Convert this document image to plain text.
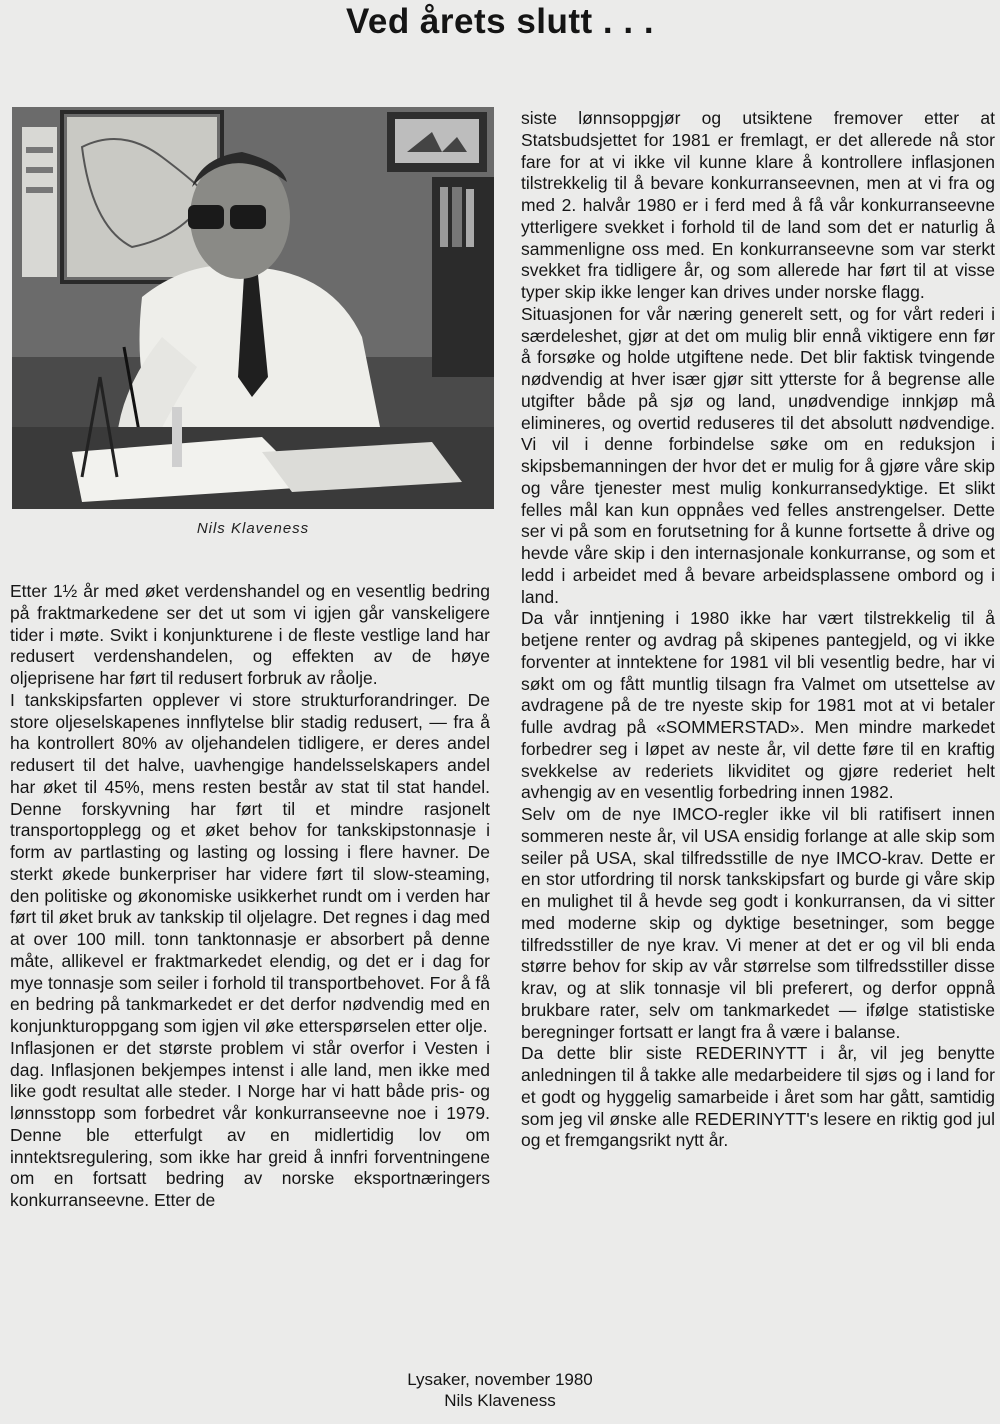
Ved årets slutt . . .
Nils Klaveness

Etter 1½ år med øket verdenshandel og en vesentlig bedring på fraktmarkedene ser det ut som vi igjen går vanskeligere tider i møte. Svikt i konjunkturene i de fleste vestlige land har redusert verdenshandelen, og effekten av de høye oljeprisene har ført til redusert forbruk av råolje.

I tankskipsfarten opplever vi store strukturforandringer. De store oljeselskapenes innflytelse blir stadig redusert, — fra å ha kontrollert 80% av oljehandelen tidligere, er deres andel redusert til det halve, uavhengige handelsselskapers andel har øket til 45%, mens resten består av stat til stat handel. Denne forskyvning har ført til et mindre rasjonelt transportopplegg og et øket behov for tankskipstonnasje i form av partlasting og lasting og lossing i flere havner. De sterkt økede bunkerpriser har videre ført til slow-steaming, den politiske og økonomiske usikkerhet rundt om i verden har ført til øket bruk av tankskip til oljelagre. Det regnes i dag med at over 100 mill. tonn tanktonnasje er absorbert på denne måte, allikevel er fraktmarkedet elendig, og det er i dag for mye tonnasje som seiler i forhold til transportbehovet. For å få en bedring på tankmarkedet er det derfor nødvendig med en konjunkturoppgang som igjen vil øke etterspørselen etter olje.

Inflasjonen er det største problem vi står overfor i Vesten i dag. Inflasjonen bekjempes intenst i alle land, men ikke med like godt resultat alle steder. I Norge har vi hatt både pris- og lønnsstopp som forbedret vår konkurranseevne noe i 1979. Denne ble etterfulgt av en midlertidig lov om inntektsregulering, som ikke har greid å innfri forventningene om en fortsatt bedring av norske eksportnæringers konkurranseevne. Etter de

siste lønnsoppgjør og utsiktene fremover etter at Statsbudsjettet for 1981 er fremlagt, er det allerede nå stor fare for at vi ikke vil kunne klare å kontrollere inflasjonen tilstrekkelig til å bevare konkurranseevnen, men at vi fra og med 2. halvår 1980 er i ferd med å få vår konkurranseevne ytterligere svekket i forhold til de land som det er naturlig å sammenligne oss med. En konkurranseevne som var sterkt svekket fra tidligere år, og som allerede har ført til at visse typer skip ikke lenger kan drives under norske flagg.

Situasjonen for vår næring generelt sett, og for vårt rederi i særdeleshet, gjør at det om mulig blir ennå viktigere enn før å forsøke og holde utgiftene nede. Det blir faktisk tvingende nødvendig at hver især gjør sitt ytterste for å begrense alle utgifter både på sjø og land, unødvendige innkjøp må elimineres, og overtid reduseres til det absolutt nødvendige. Vi vil i denne forbindelse søke om en reduksjon i skipsbemanningen der hvor det er mulig for å gjøre våre skip og våre tjenester mest mulig konkurransedyktige. Et slikt felles mål kan kun oppnåes ved felles anstrengelser. Dette ser vi på som en forutsetning for å kunne fortsette å drive og hevde våre skip i den internasjonale konkurranse, og som et ledd i arbeidet med å bevare arbeidsplassene ombord og i land.

Da vår inntjening i 1980 ikke har vært tilstrekkelig til å betjene renter og avdrag på skipenes pantegjeld, og vi ikke forventer at inntektene for 1981 vil bli vesentlig bedre, har vi søkt om og fått muntlig tilsagn fra Valmet om utsettelse av avdragene på de tre nyeste skip for 1981 mot at vi betaler fulle avdrag på «SOMMERSTAD». Men mindre markedet forbedrer seg i løpet av neste år, vil dette føre til en kraftig svekkelse av rederiets likviditet og gjøre rederiet helt avhengig av en vesentlig forbedring innen 1982.

Selv om de nye IMCO-regler ikke vil bli ratifisert innen sommeren neste år, vil USA ensidig forlange at alle skip som seiler på USA, skal tilfredsstille de nye IMCO-krav. Dette er en stor utfordring til norsk tankskipsfart og burde gi våre skip en mulighet til å hevde seg godt i konkurransen, da vi sitter med moderne skip og dyktige besetninger, som begge tilfredsstiller de nye krav. Vi mener at det er og vil bli enda større behov for skip av vår størrelse som tilfredsstiller disse krav, og at slik tonnasje vil bli preferert, og derfor oppnå brukbare rater, selv om tankmarkedet — ifølge statistiske beregninger fortsatt er langt fra å være i balanse.

Da dette blir siste REDERINYTT i år, vil jeg benytte anledningen til å takke alle medarbeidere til sjøs og i land for et godt og hyggelig samarbeide i året som har gått, samtidig som jeg vil ønske alle REDERINYTT's lesere en riktig god jul og et fremgangsrikt nytt år.

Lysaker, november 1980
Nils Klaveness
